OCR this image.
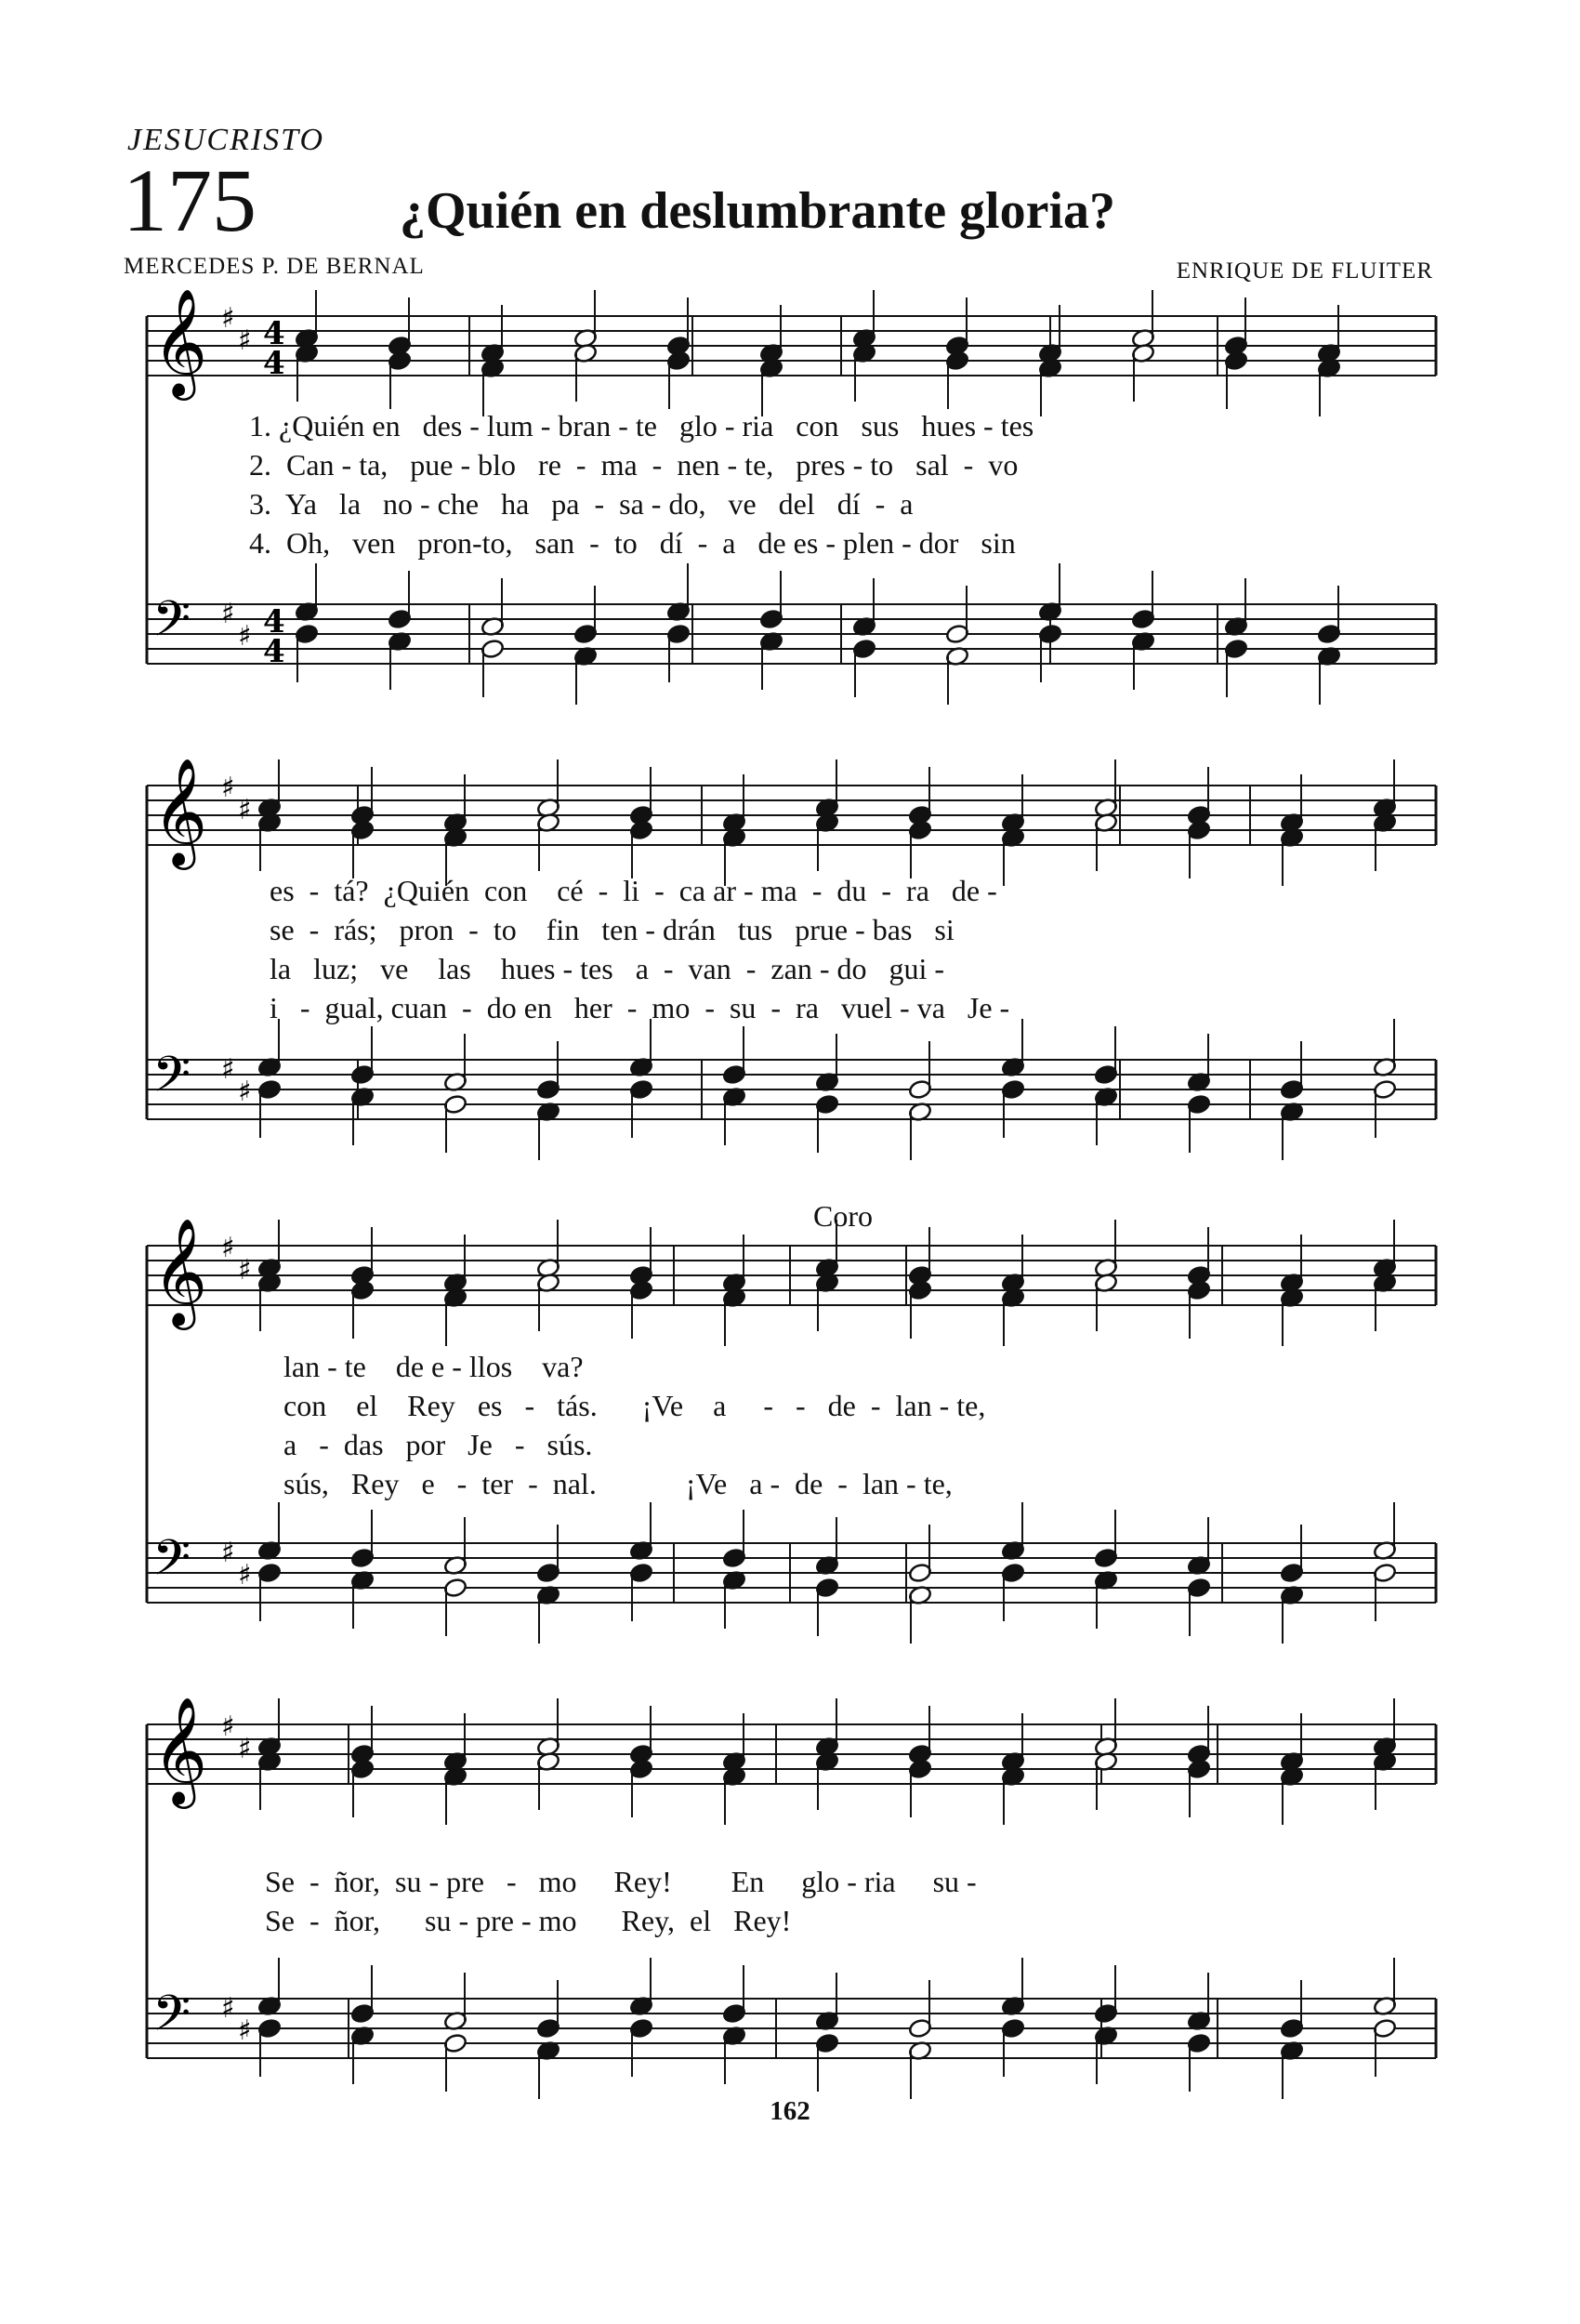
JESUCRISTO
175	¿Quién en deslumbrante gloria?
MERCEDES P. DE BERNAL	ENRIQUE DE FLUITER
Coro
𝄞 ♯
♯
𝄢 ♯
♯
4
4
4
4
𝄞 ♯
♯
𝄢 ♯
♯
𝄞 ♯
♯
𝄢 ♯
♯
𝄞 ♯
♯
𝄢 ♯
♯
1. ¿Quién en   des - lum - bran - te   glo - ria   con   sus   hues - tes
2.  Can - ta,   pue - blo   re  -  ma  -  nen - te,   pres - to   sal  -  vo
3.  Ya   la   no - che   ha   pa  -  sa - do,   ve   del   dí  -  a
4.  Oh,   ven   pron-to,   san  -  to   dí  -  a   de es - plen - dor   sin
es  -  tá?  ¿Quién  con    cé  -  li  -  ca ar - ma  -  du  -  ra   de -
se  -  rás;   pron  -  to    fin   ten - drán   tus   prue - bas   si
la   luz;   ve    las    hues - tes   a  -  van  -  zan - do   gui -
i   -  gual, cuan  -  do en   her  -  mo  -  su  -  ra   vuel - va   Je -
lan - te    de e - llos    va?
con    el    Rey   es   -   tás.      ¡Ve    a     -   -   de  -  lan - te,
a   -  das   por   Je   -   sús.
sús,   Rey   e   -  ter  -  nal.            ¡Ve   a -  de  -  lan - te,
Se  -  ñor,  su - pre   -   mo     Rey!        En     glo - ria     su -
Se  -  ñor,      su - pre - mo      Rey,  el   Rey!
162
